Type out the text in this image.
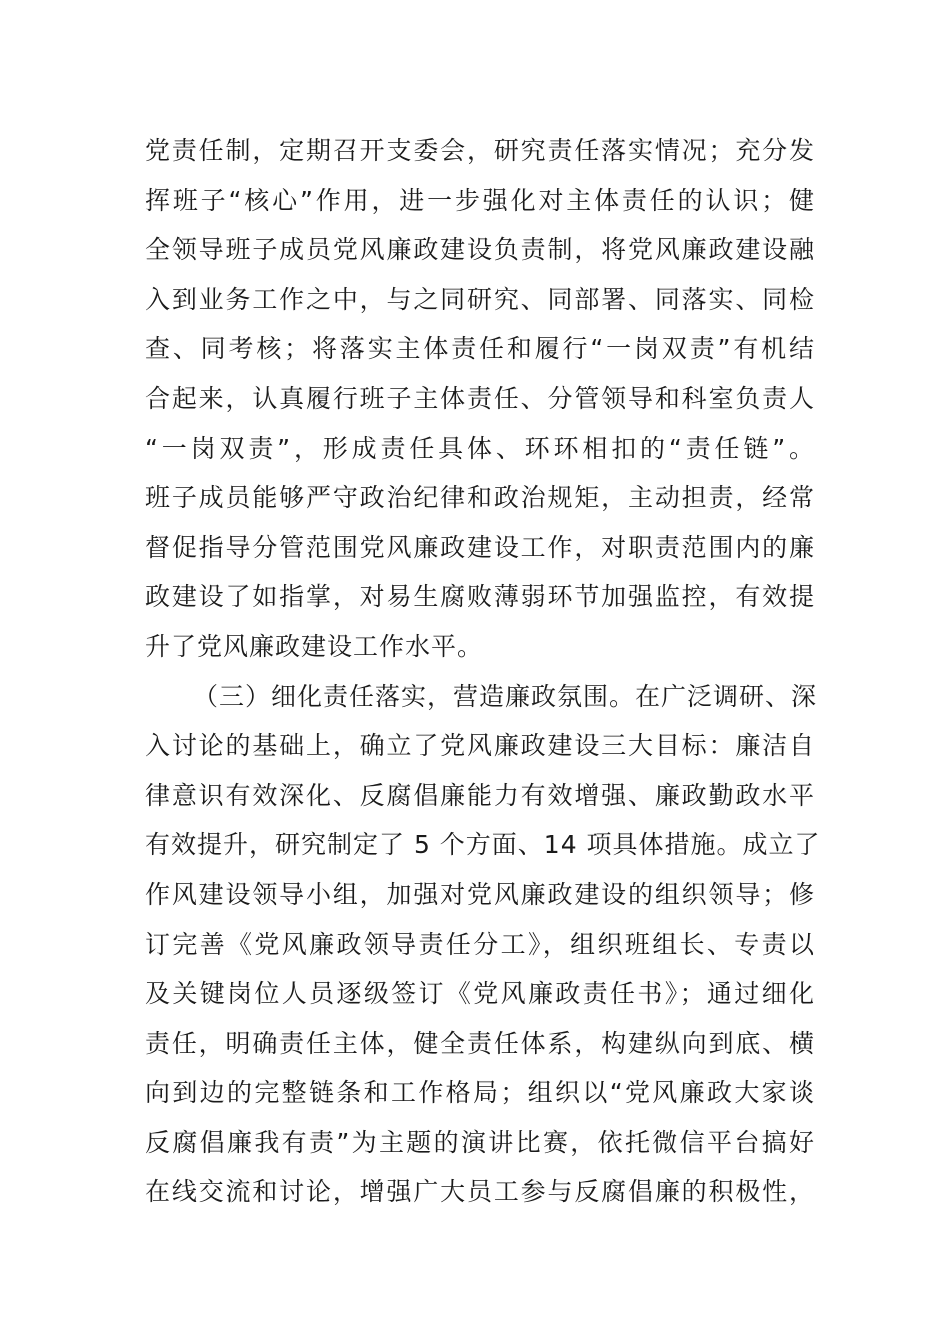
党责任制，定期召开支委会，研究责任落实情况；充分发
挥班子“核心”作用，进一步强化对主体责任的认识；健
全领导班子成员党风廉政建设负责制，将党风廉政建设融
入到业务工作之中，与之同研究、同部署、同落实、同检
查、同考核；将落实主体责任和履行“一岗双责”有机结
合起来，认真履行班子主体责任、分管领导和科室负责人
“一岗双责”，形成责任具体、环环相扣的“责任链”。
班子成员能够严守政治纪律和政治规矩，主动担责，经常
督促指导分管范围党风廉政建设工作，对职责范围内的廉
政建设了如指掌，对易生腐败薄弱环节加强监控，有效提
升了党风廉政建设工作水平。
（三）细化责任落实，营造廉政氛围。在广泛调研、深
入讨论的基础上，确立了党风廉政建设三大目标：廉洁自
律意识有效深化、反腐倡廉能力有效增强、廉政勤政水平
有效提升，研究制定了 5 个方面、14 项具体措施。成立了
作风建设领导小组，加强对党风廉政建设的组织领导；修
订完善《党风廉政领导责任分工》，组织班组长、专责以
及关键岗位人员逐级签订《党风廉政责任书》；通过细化
责任，明确责任主体，健全责任体系，构建纵向到底、横
向到边的完整链条和工作格局；组织以“党风廉政大家谈
反腐倡廉我有责”为主题的演讲比赛，依托微信平台搞好
在线交流和讨论，增强广大员工参与反腐倡廉的积极性，
